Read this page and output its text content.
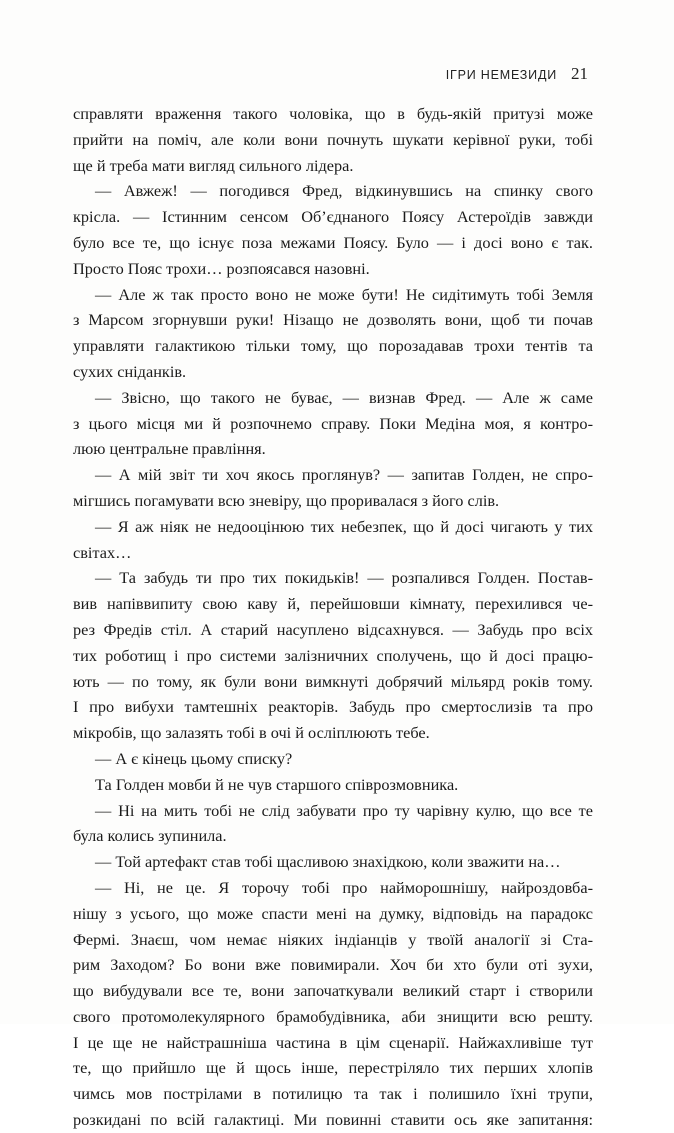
ІГРИ НЕМЕЗИДИ 21
справляти враження такого чоловіка, що в будь-якій притузі може
прийти на поміч, але коли вони почнуть шукати керівної руки, тобі
ще й треба мати вигляд сильного лідера.
— Авжеж! — погодився Фред, відкинувшись на спинку свого
крісла. — Істинним сенсом Об’єднаного Поясу Астероїдів завжди
було все те, що існує поза межами Поясу. Було — і досі воно є так.
Просто Пояс трохи… розпоясався назовні.
— Але ж так просто воно не може бути! Не сидітимуть тобі Земля
з Марсом згорнувши руки! Нізащо не дозволять вони, щоб ти почав
управляти галактикою тільки тому, що порозадавав трохи тентів та
сухих сніданків.
— Звісно, що такого не буває, — визнав Фред. — Але ж саме
з цього місця ми й розпочнемо справу. Поки Медіна моя, я контро-
люю центральне правління.
— А мій звіт ти хоч якось проглянув? — запитав Голден, не спро-
мігшись погамувати всю зневіру, що проривалася з його слів.
— Я аж ніяк не недооцінюю тих небезпек, що й досі чигають у тих
світах…
— Та забудь ти про тих покидьків! — розпалився Голден. Постав-
вив напіввипиту свою каву й, перейшовши кімнату, перехилився че-
рез Фредів стіл. А старий насуплено відсахнувся. — Забудь про всіх
тих роботищ і про системи залізничних сполучень, що й досі працю-
ють — по тому, як були вони вимкнуті добрячий мільярд років тому.
І про вибухи тамтешніх реакторів. Забудь про смертослизів та про
мікробів, що залазять тобі в очі й осліплюють тебе.
— А є кінець цьому списку?
Та Голден мовби й не чув старшого співрозмовника.
— Ні на мить тобі не слід забувати про ту чарівну кулю, що все те
була колись зупинила.
— Той артефакт став тобі щасливою знахідкою, коли зважити на…
— Ні, не це. Я торочу тобі про найморошнішу, найроздовба-
нішу з усього, що може спасти мені на думку, відповідь на парадокс
Фермі. Знаєш, чом немає ніяких індіанців у твоїй аналогії зі Ста-
рим Заходом? Бо вони вже повимирали. Хоч би хто були оті зухи,
що вибудували все те, вони започаткували великий старт і створили
свого протомолекулярного брамобудівника, аби знищити всю решту.
І це ще не найстрашніша частина в цім сценарії. Найжахливіше тут
те, що прийшло ще й щось інше, перестріляло тих перших хлопів
чимсь мов пострілами в потилицю та так і полишило їхні трупи,
розкидані по всій галактиці. Ми повинні ставити ось яке запитання:
